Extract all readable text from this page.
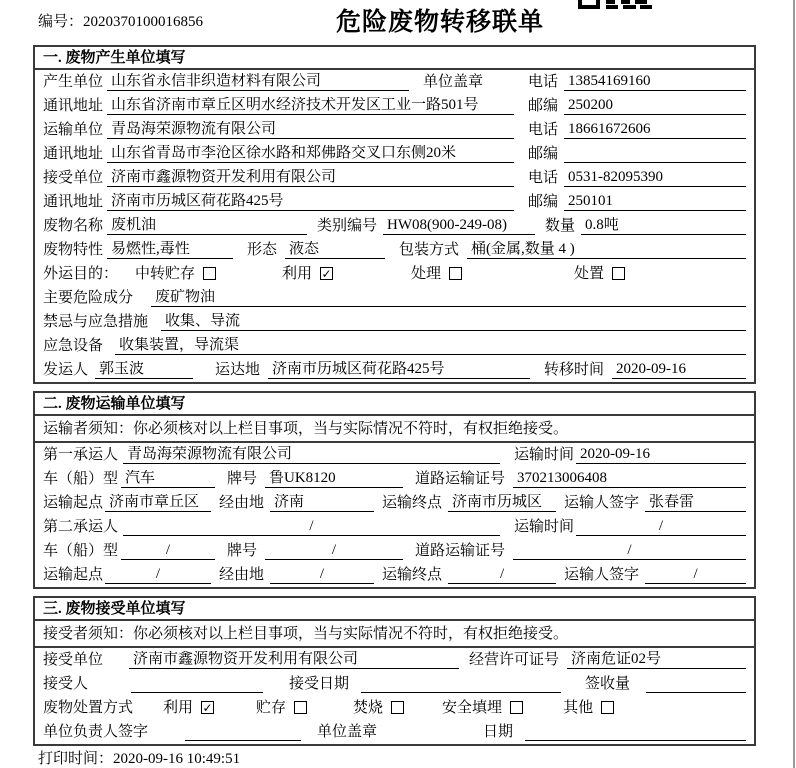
编号：2020370100016856	危险废物转移联单
一. 废物产生单位填写
产生单位 山东省永信非织造材料有限公司	单位盖章	电话 13854169160
通讯地址 山东省济南市章丘区明水经济技术开发区工业一路501号	邮编 250200
运输单位 青岛海荣源物流有限公司	电话 18661672606
通讯地址 山东省青岛市李沧区徐水路和郑佛路交叉口东侧20米	邮编
接受单位 济南市鑫源物资开发利用有限公司	电话 0531-82095390
通讯地址 济南市历城区荷花路425号	邮编 250101
废物名称 废机油	类别编号 HW08(900-249-08)	数量 0.8吨
废物特性 易燃性,毒性	形态 液态	包装方式 桶(金属,数量 4 )
外运目的：	中转贮存	利用 ✓	处理	处置
主要危险成分	废矿物油
禁忌与应急措施	收集、导流
应急设备	收集装置，导流渠
发运人 郭玉波	运达地 济南市历城区荷花路425号	转移时间 2020-09-16
二. 废物运输单位填写
运输者须知：你必须核对以上栏目事项，当与实际情况不符时，有权拒绝接受。
第一承运人 青岛海荣源物流有限公司	运输时间 2020-09-16
车（船）型 汽车	牌号 鲁UK8120	道路运输证号 370213006408
运输起点 济南市章丘区	经由地 济南	运输终点 济南市历城区	运输人签字 张春雷
第二承运人	/	运输时间	/
车（船）型	/	牌号	/	道路运输证号	/
运输起点	/	经由地	/	运输终点	/	运输人签字	/
三. 废物接受单位填写
接受者须知：你必须核对以上栏目事项，当与实际情况不符时，有权拒绝接受。
接受单位 济南市鑫源物资开发利用有限公司	经营许可证号 济南危证02号
接受人	接受日期	签收量
废物处置方式 利用 ✓	贮存	焚烧	安全填埋	其他
单位负责人签字	单位盖章	日期
打印时间：2020-09-16 10:49:51
